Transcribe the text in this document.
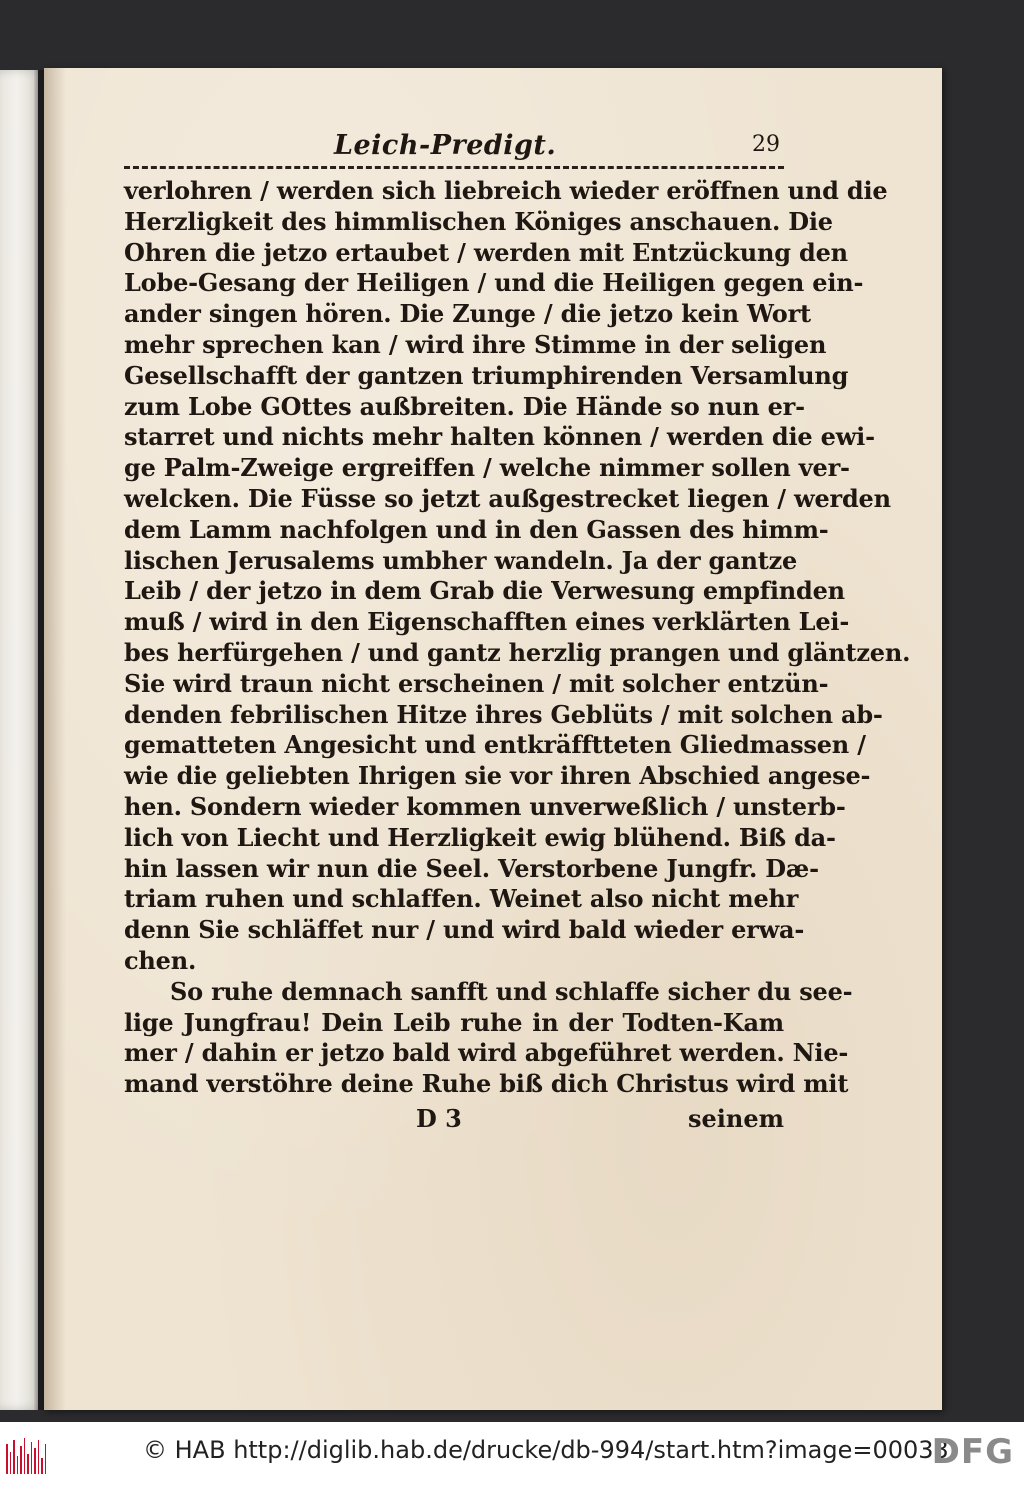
Leich-Predigt.	29
verlohren / werden sich liebreich wieder eröffnen und die
Herzligkeit des himmlischen Königes anschauen. Die
Ohren die jetzo ertaubet / werden mit Entzückung den
Lobe-Gesang der Heiligen / und die Heiligen gegen ein-
ander singen hören. Die Zunge / die jetzo kein Wort
mehr sprechen kan / wird ihre Stimme in der seligen
Gesellschafft der gantzen triumphirenden Versamlung
zum Lobe GOttes außbreiten. Die Hände so nun er-
starret und nichts mehr halten können / werden die ewi-
ge Palm-Zweige ergreiffen / welche nimmer sollen ver-
welcken. Die Füsse so jetzt außgestrecket liegen / werden
dem Lamm nachfolgen und in den Gassen des himm-
lischen Jerusalems umbher wandeln. Ja der gantze
Leib / der jetzo in dem Grab die Verwesung empfinden
muß / wird in den Eigenschafften eines verklärten Lei-
bes herfürgehen / und gantz herzlig prangen und gläntzen.
Sie wird traun nicht erscheinen / mit solcher entzün-
denden febrilischen Hitze ihres Geblüts / mit solchen ab-
gematteten Angesicht und entkräfftteten Gliedmassen /
wie die geliebten Ihrigen sie vor ihren Abschied angese-
hen. Sondern wieder kommen unverweßlich / unsterb-
lich von Liecht und Herzligkeit ewig blühend. Biß da-
hin lassen wir nun die Seel. Verstorbene Jungfr. Dæ-
triam ruhen und schlaffen. Weinet also nicht mehr
denn Sie schläffet nur / und wird bald wieder erwa-
chen.
So ruhe demnach sanfft und schlaffe sicher du see-
lige Jungfrau! Dein Leib ruhe in der Todten-Kam
mer / dahin er jetzo bald wird abgeführet werden. Nie-
mand verstöhre deine Ruhe biß dich Christus wird mit
D 3	seinem
© HAB http://diglib.hab.de/drucke/db-994/start.htm?image=00033
DFG
